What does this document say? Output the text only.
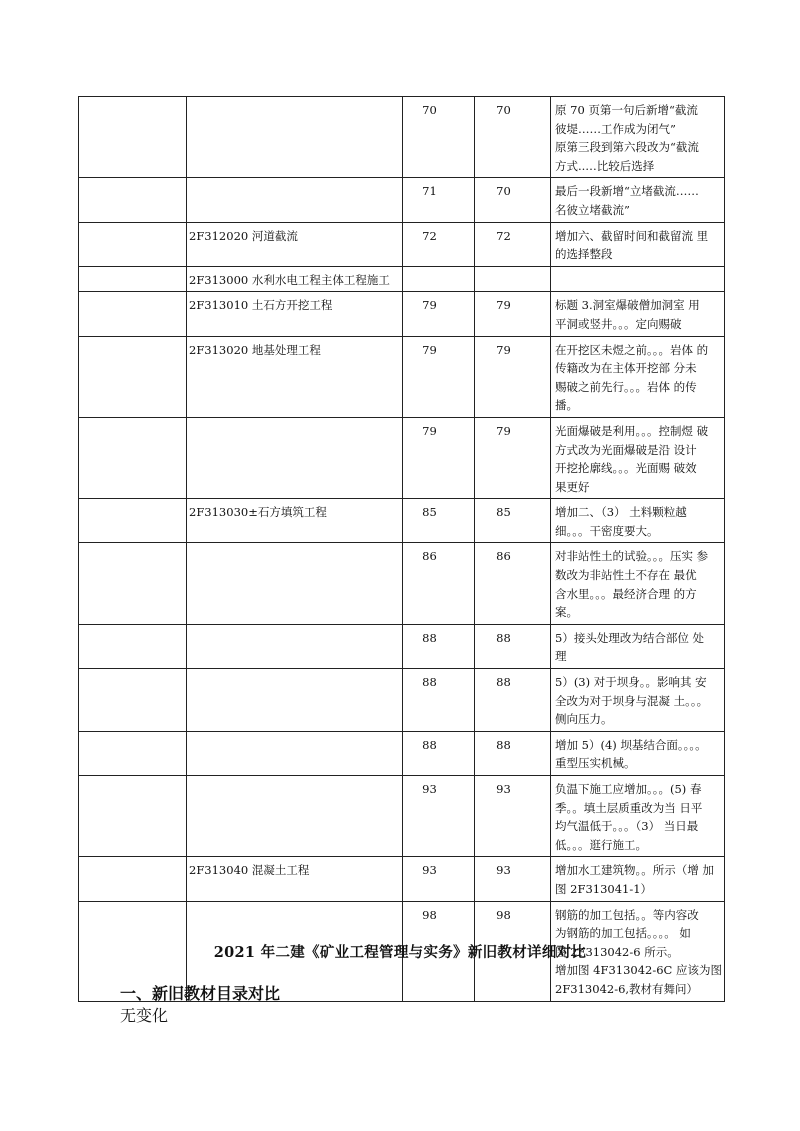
		70	70	原 70 页第一句后新增“截流
彼堤……工作成为闭气”
原第三段到第六段改为“截流
方式..…比较后选择

		71	70	最后一段新增“立堵截流……
名彼立堵截流”

	2F312020 河道截流	72	72	增加六、截留时间和截留流 里
的选择整段

	2F313000 水利水电工程主体工程施工			
	2F313010 土石方开挖工程	79	79	标题 3.洞室爆破僧加洞室 用
平洞或竖井。。。定向赐破

	2F313020 地基处理工程	79	79	在开挖区未煜之前。。。岩体 的
传籍改为在主体开挖部 分未
赐破之前先行。。。岩体 的传
播。

		79	79	光面爆破是利用。。。控制煜 破
方式改为光面爆破是沿 设计
开挖抡廓线。。。光面赐 破效
果更好

	2F313030±石方填筑工程	85	85	增加二、（3） 土料颗粒越
细。。。干密度要大。

		86	86	对非站性土的试验。。。压实 参
数改为非站性土不存在 最优
含水里。。。最经济合理 的方
案。

		88	88	5）接头处理改为结合部位 处
理

		88	88	5）(3) 对于坝身。。影响其 安
全改为对于坝身与混凝 土。。。
侧向压力。

		88	88	增加 5）(4) 坝基结合面。。。。
重型压实机械。

		93	93	负温下施工应增加。。。(5) 春
季。。填土层质重改为当 日平
均气温低于。。。（3） 当日最
低。。。逛行施工。

	2F313040 混凝土工程	93	93	增加水工建筑物。。所示（增 加
图 2F313041-1）

		98	98	钢筋的加工包括。。等内容改
为钢筋的加工包括。。。。 如
图 2F313042-6 所示。
增加图 4F313042-6C 应该为图
2F313042-6,教材有舞问）
2021 年二建《矿业工程管理与实务》新旧教材详细对比
一、新旧教材目录对比
无变化
